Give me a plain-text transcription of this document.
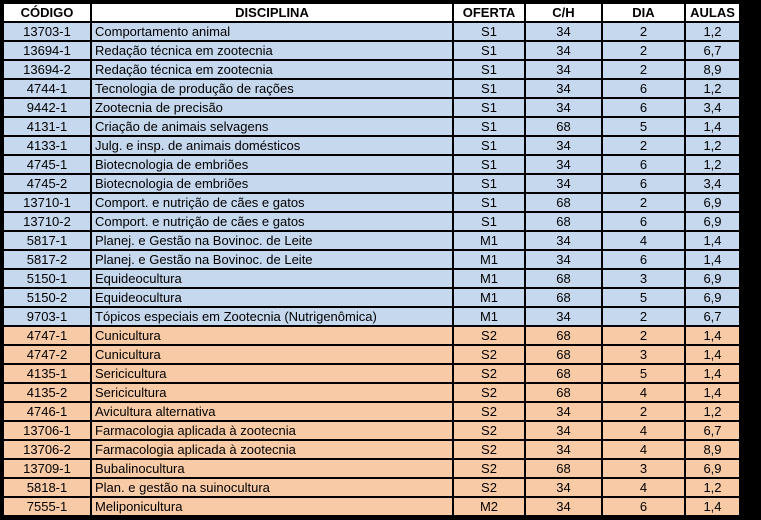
CÓDIGO	DISCIPLINA	OFERTA	C/H	DIA	AULAS
13703-1	Comportamento animal	S1	34	2	1,2
13694-1	Redação técnica em zootecnia	S1	34	2	6,7
13694-2	Redação técnica em zootecnia	S1	34	2	8,9
4744-1	Tecnologia de produção de rações	S1	34	6	1,2
9442-1	Zootecnia de precisão	S1	34	6	3,4
4131-1	Criação de animais selvagens	S1	68	5	1,4
4133-1	Julg. e insp. de animais domésticos	S1	34	2	1,2
4745-1	Biotecnologia de embriões	S1	34	6	1,2
4745-2	Biotecnologia de embriões	S1	34	6	3,4
13710-1	Comport. e nutrição de cães e gatos	S1	68	2	6,9
13710-2	Comport. e nutrição de cães e gatos	S1	68	6	6,9
5817-1	Planej. e Gestão na Bovinoc. de Leite	M1	34	4	1,4
5817-2	Planej. e Gestão na Bovinoc. de Leite	M1	34	6	1,4
5150-1	Equideocultura	M1	68	3	6,9
5150-2	Equideocultura	M1	68	5	6,9
9703-1	Tópicos especiais em Zootecnia (Nutrigenômica)	M1	34	2	6,7
4747-1	Cunicultura	S2	68	2	1,4
4747-2	Cunicultura	S2	68	3	1,4
4135-1	Sericicultura	S2	68	5	1,4
4135-2	Sericicultura	S2	68	4	1,4
4746-1	Avicultura alternativa	S2	34	2	1,2
13706-1	Farmacologia aplicada à zootecnia	S2	34	4	6,7
13706-2	Farmacologia aplicada à zootecnia	S2	34	4	8,9
13709-1	Bubalinocultura	S2	68	3	6,9
5818-1	Plan. e gestão na suinocultura	S2	34	4	1,2
7555-1	Meliponicultura	M2	34	6	1,4
